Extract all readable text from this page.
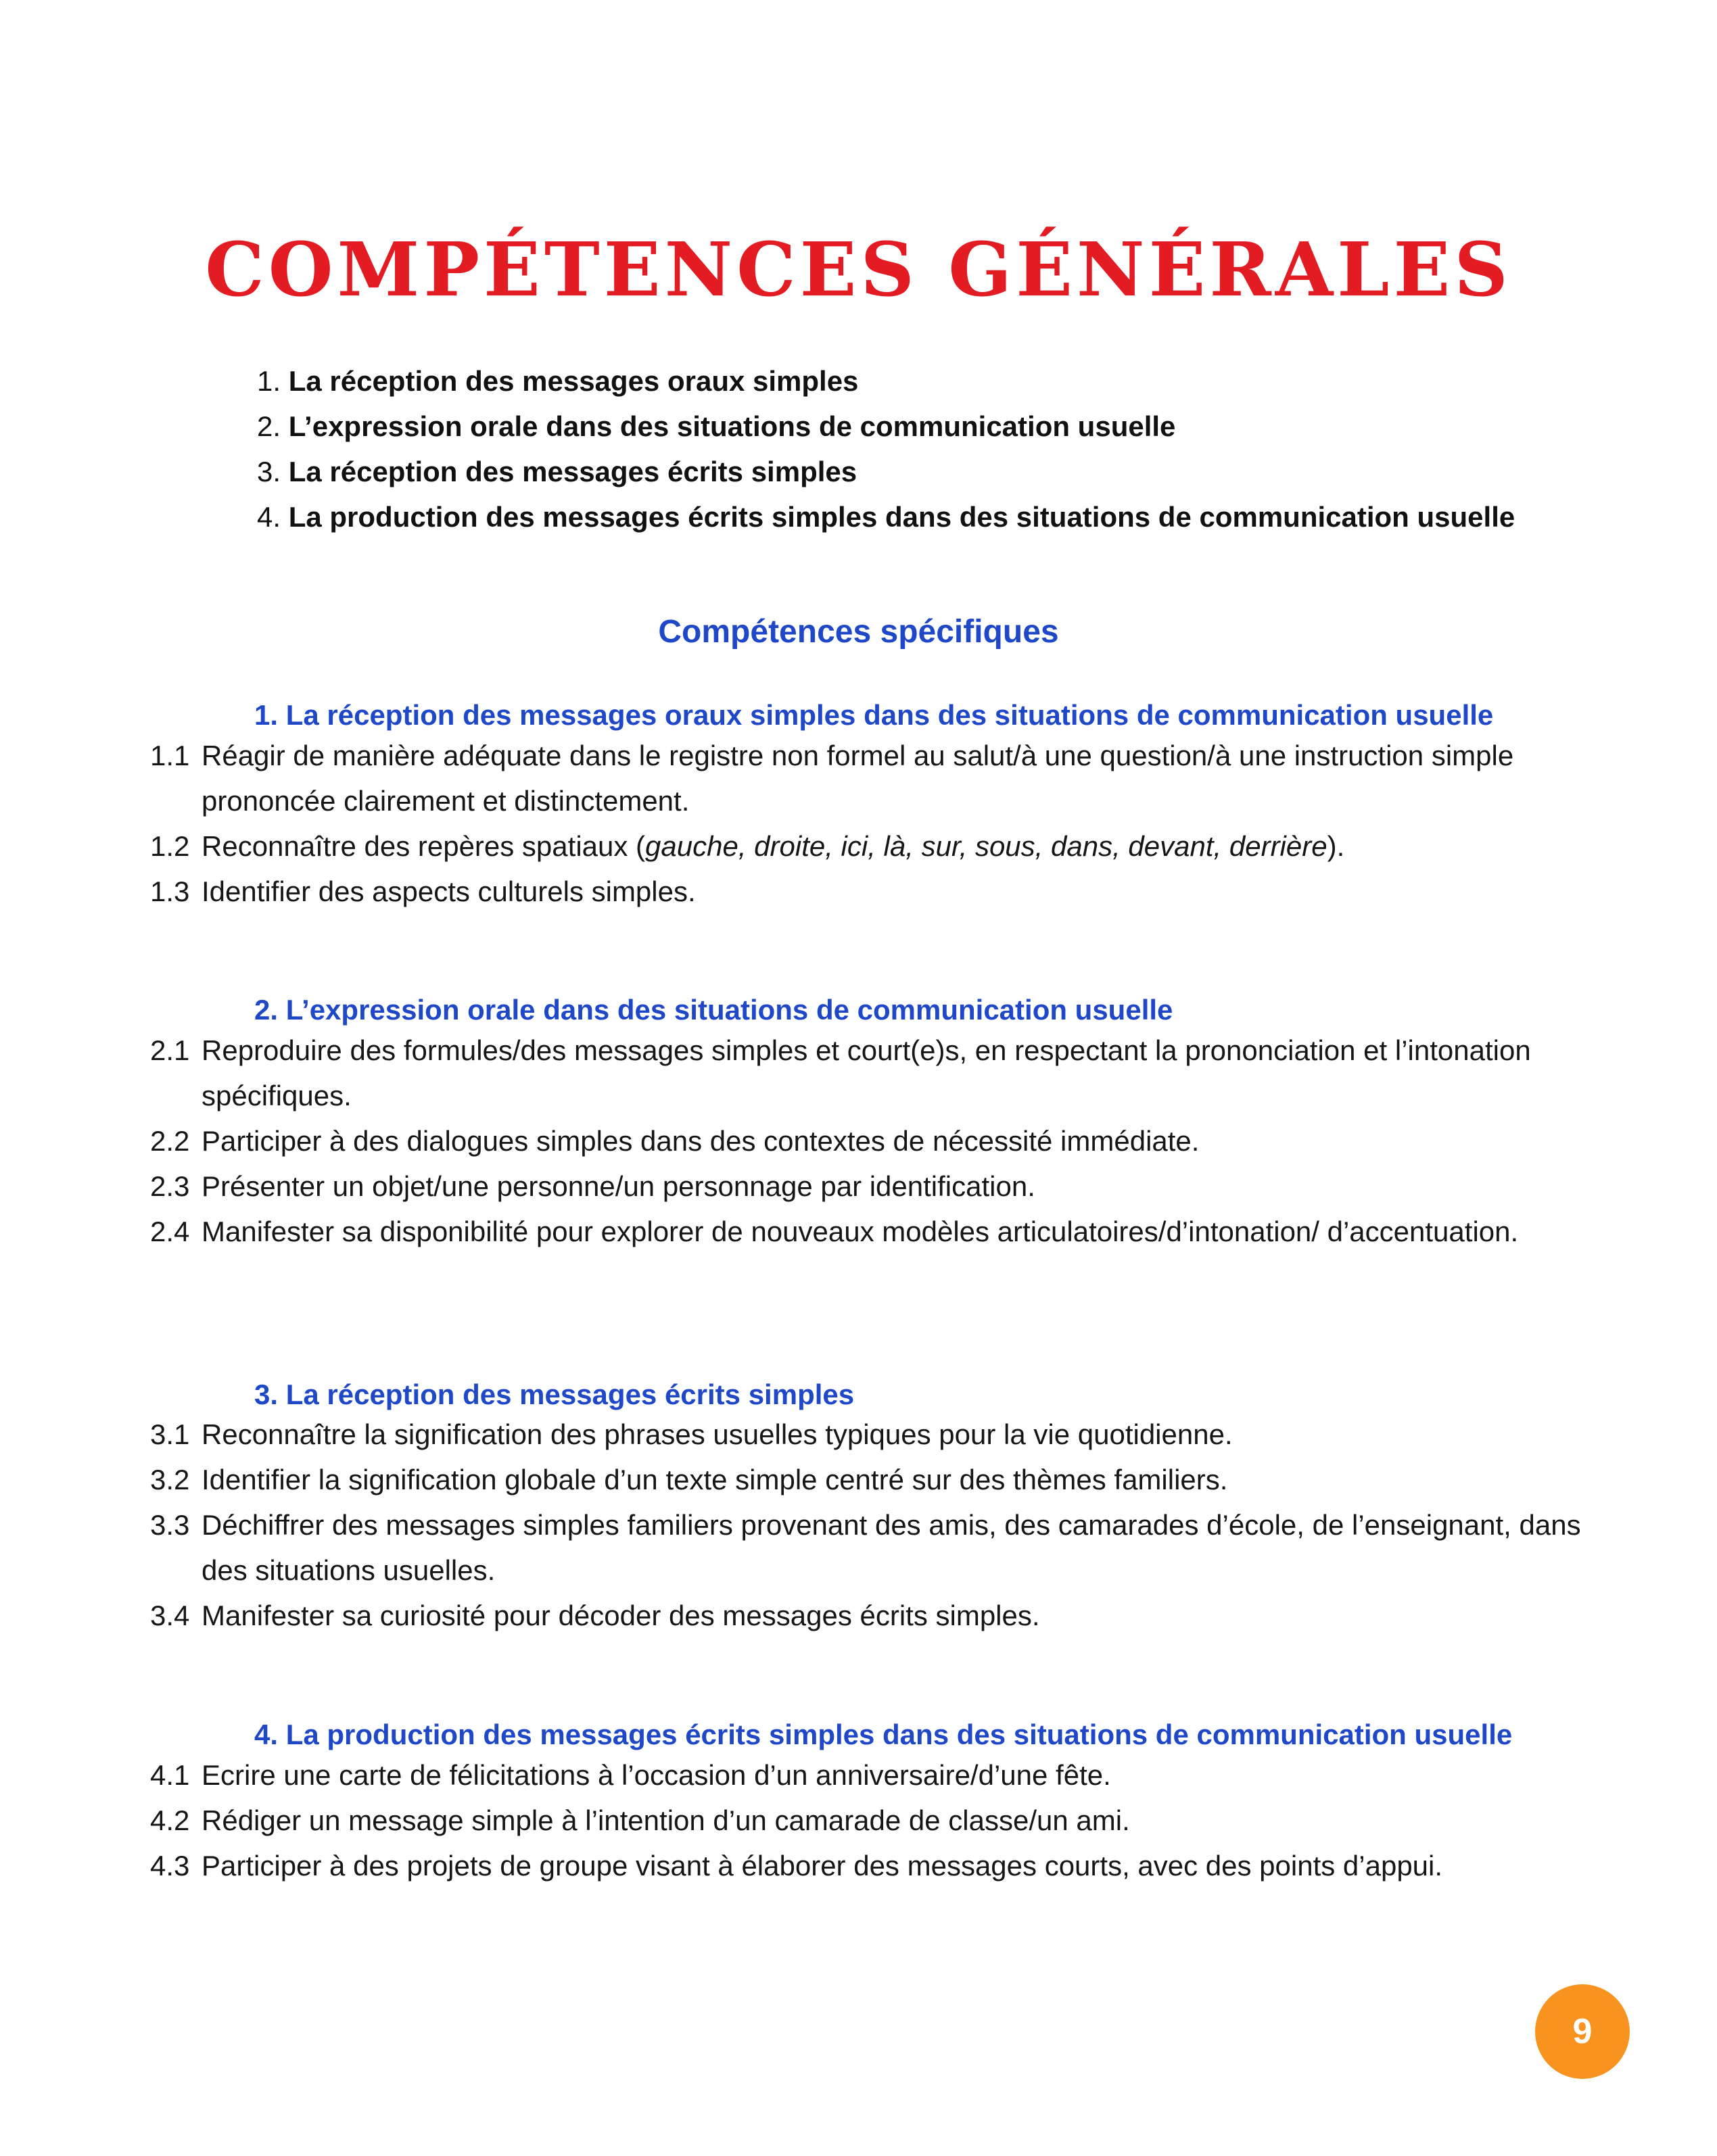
COMPÉTENCES GÉNÉRALES
1. La réception des messages oraux simples
2. L’expression orale dans des situations de communication usuelle
3. La réception des messages écrits simples
4. La production des messages écrits simples dans des situations de communication usuelle
Compétences spécifiques
1. La réception des messages oraux simples dans des situations de communication usuelle
1.1 Réagir de manière adéquate dans le registre non formel au salut/à une question/à une instruction simple prononcée clairement et distinctement.
1.2 Reconnaître des repères spatiaux (gauche, droite, ici, là, sur, sous, dans, devant, derrière).
1.3 Identifier des aspects culturels simples.
2. L’expression orale dans des situations de communication usuelle
2.1 Reproduire des formules/des messages simples et court(e)s, en respectant la prononciation et l’intonation spécifiques.
2.2 Participer à des dialogues simples dans des contextes de nécessité immédiate.
2.3 Présenter un objet/une personne/un personnage par identification.
2.4 Manifester sa disponibilité pour explorer de nouveaux modèles articulatoires/d’intonation/ d’accentuation.
3. La réception des messages écrits simples
3.1 Reconnaître la signification des phrases usuelles typiques pour la vie quotidienne.
3.2 Identifier la signification globale d’un texte simple centré sur des thèmes familiers.
3.3 Déchiffrer des messages simples familiers provenant des amis, des camarades d’école, de l’enseignant, dans des situations usuelles.
3.4 Manifester sa curiosité pour décoder des messages écrits simples.
4. La production des messages écrits simples dans des situations de communication usuelle
4.1 Ecrire une carte de félicitations à l’occasion d’un anniversaire/d’une fête.
4.2 Rédiger un message simple à l’intention d’un camarade de classe/un ami.
4.3 Participer à des projets de groupe visant à élaborer des messages courts, avec des points d’appui.
9
